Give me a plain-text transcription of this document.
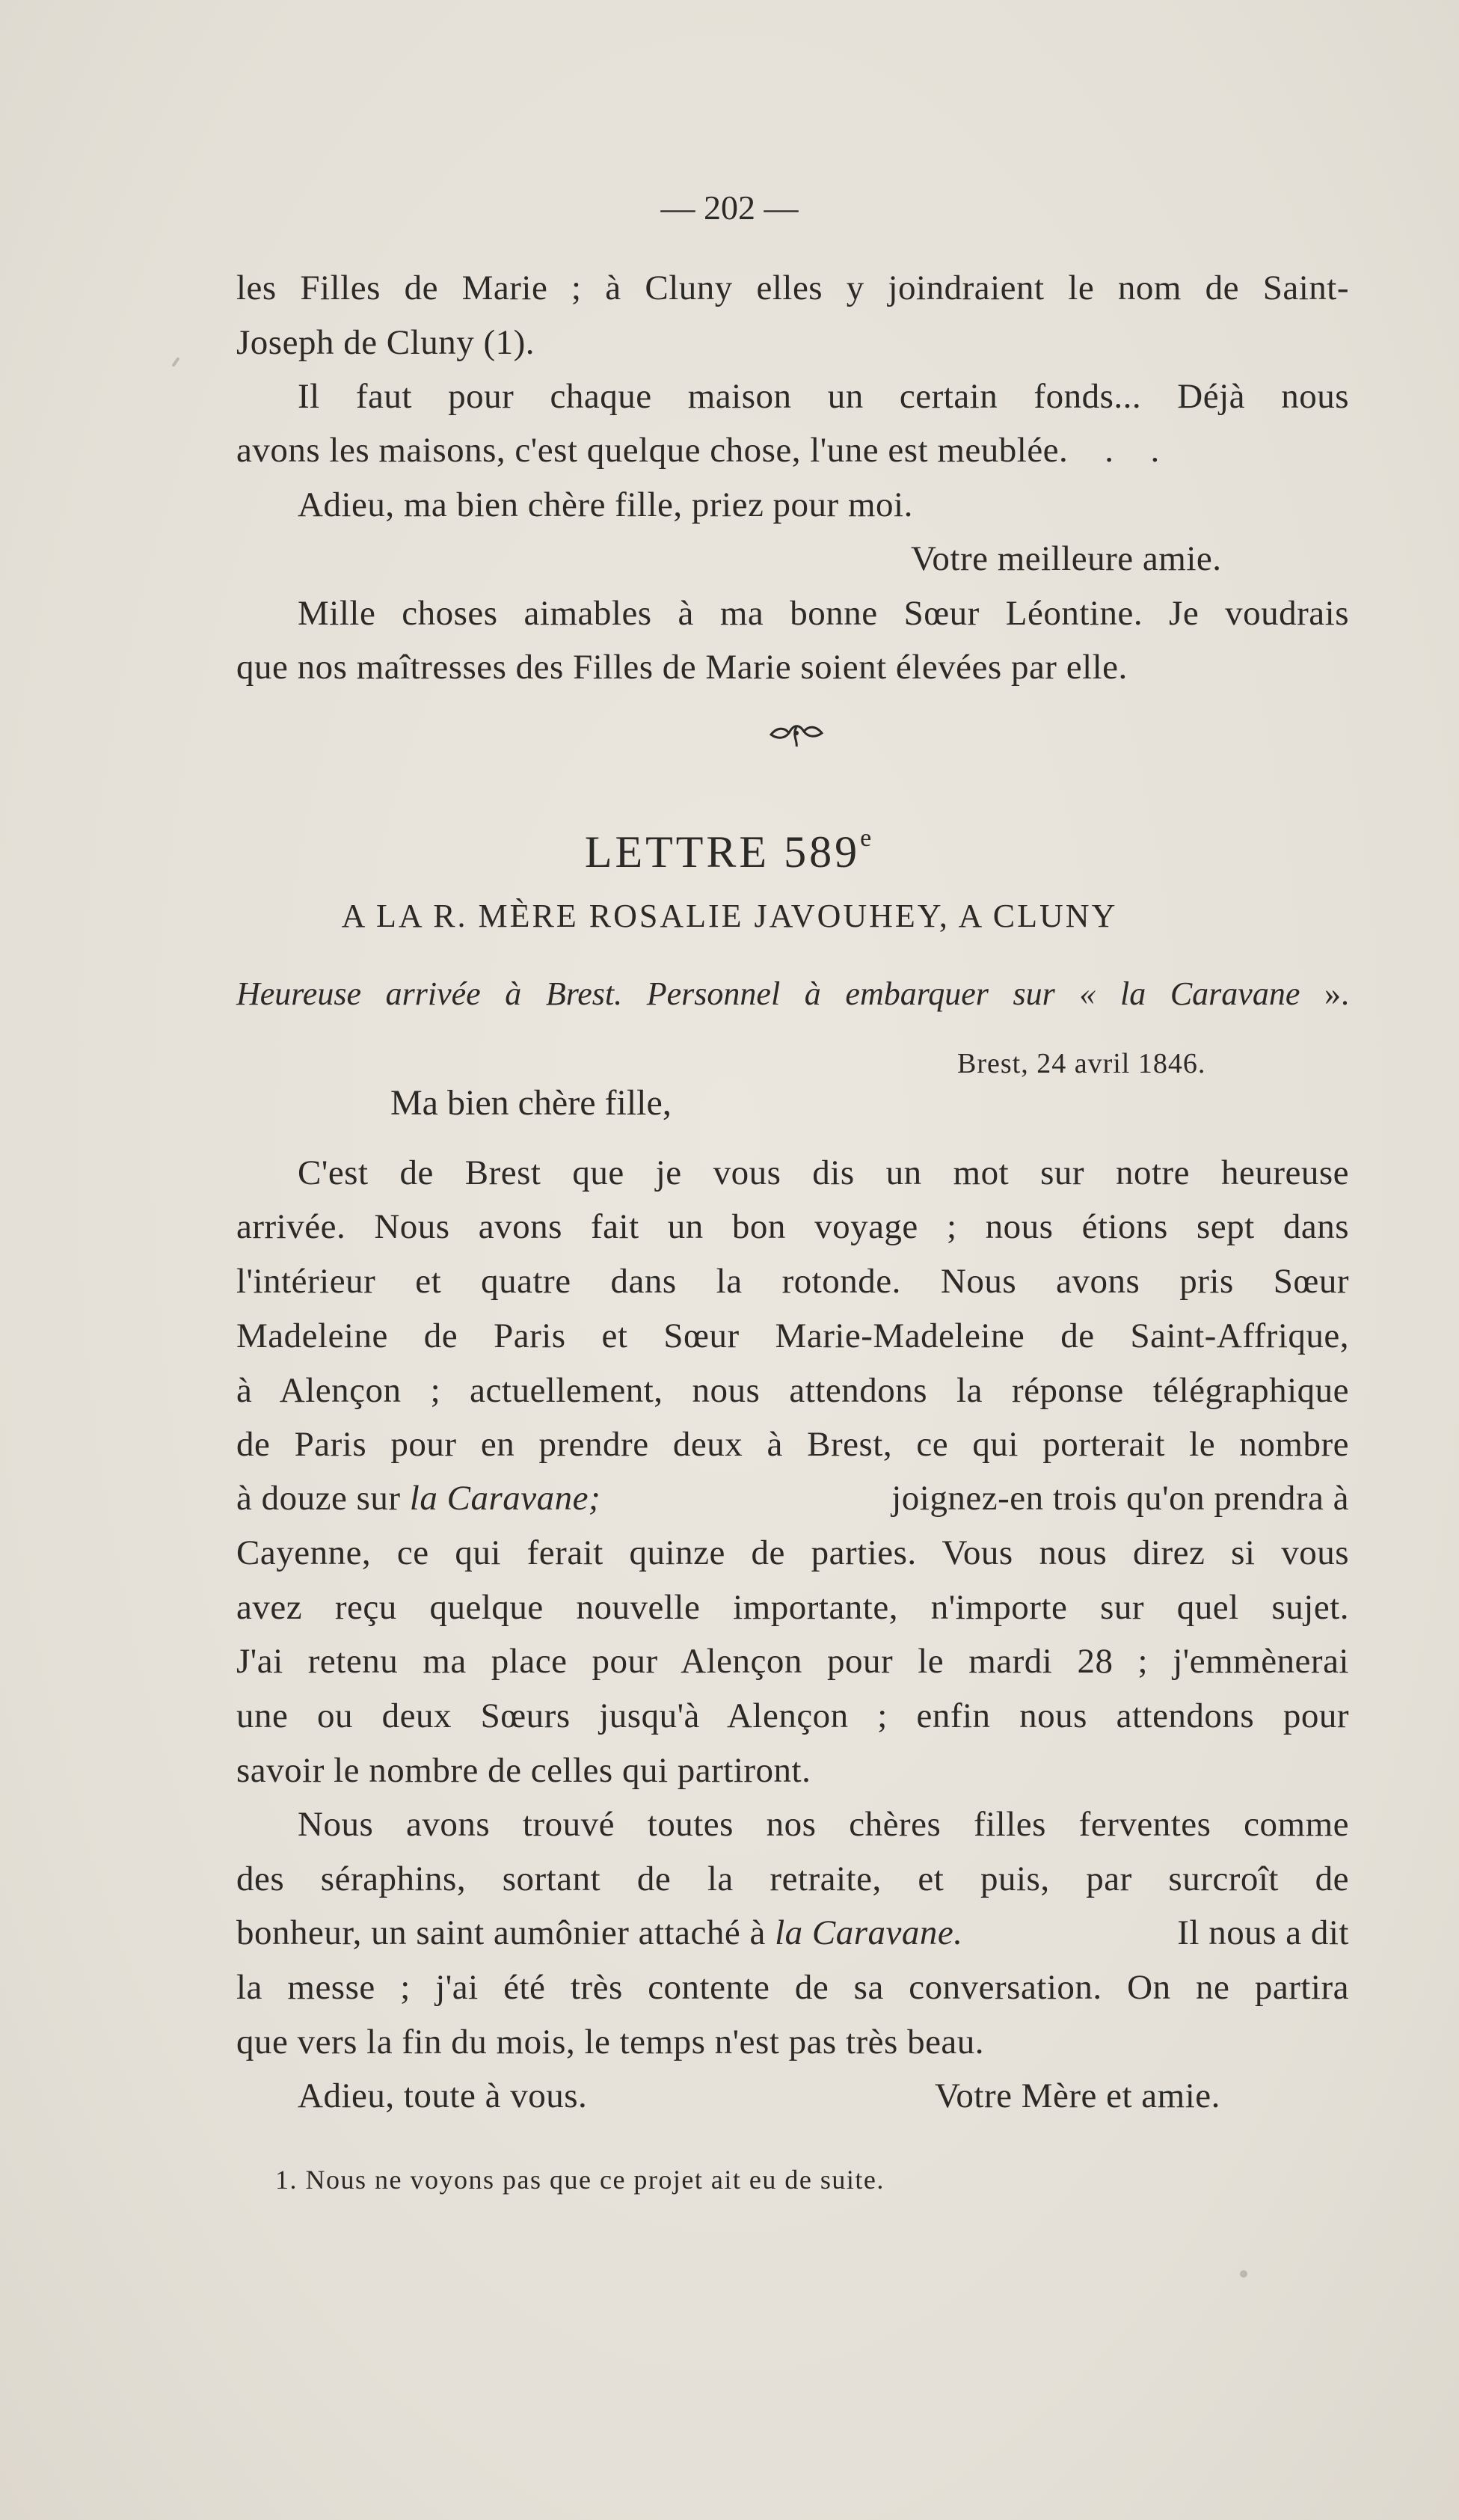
— 202 —
les Filles de Marie ; à Cluny elles y joindraient le nom de Saint-
Joseph de Cluny (1).
Il faut pour chaque maison un certain fonds... Déjà nous
avons les maisons, c'est quelque chose, l'une est meublée.    .    .
Adieu, ma bien chère fille, priez pour moi.
Votre meilleure amie.
Mille choses aimables à ma bonne Sœur Léontine. Je voudrais
que nos maîtresses des Filles de Marie soient élevées par elle.
LETTRE 589e
A LA R. MÈRE ROSALIE JAVOUHEY, A CLUNY
Heureuse arrivée à Brest. Personnel à embarquer sur « la Caravane ».
Brest, 24 avril 1846.
Ma bien chère fille,
C'est de Brest que je vous dis un mot sur notre heureuse
arrivée. Nous avons fait un bon voyage ; nous étions sept dans
l'intérieur et quatre dans la rotonde. Nous avons pris Sœur
Madeleine de Paris et Sœur Marie-Madeleine de Saint-Affrique,
à Alençon ; actuellement, nous attendons la réponse télégraphique
de Paris pour en prendre deux à Brest, ce qui porterait le nombre
à douze sur la Caravane;	joignez-en trois qu'on prendra à
Cayenne, ce qui ferait quinze de parties. Vous nous direz si vous
avez reçu quelque nouvelle importante, n'importe sur quel sujet.
J'ai retenu ma place pour Alençon pour le mardi 28 ; j'emmènerai
une ou deux Sœurs jusqu'à Alençon ; enfin nous attendons pour
savoir le nombre de celles qui partiront.
Nous avons trouvé toutes nos chères filles ferventes comme
des séraphins, sortant de la retraite, et puis, par surcroît de
bonheur, un saint aumônier attaché à la Caravane.	Il nous a dit
la messe ; j'ai été très contente de sa conversation. On ne partira
que vers la fin du mois, le temps n'est pas très beau.
Adieu, toute à vous.	Votre Mère et amie.
1. Nous ne voyons pas que ce projet ait eu de suite.
